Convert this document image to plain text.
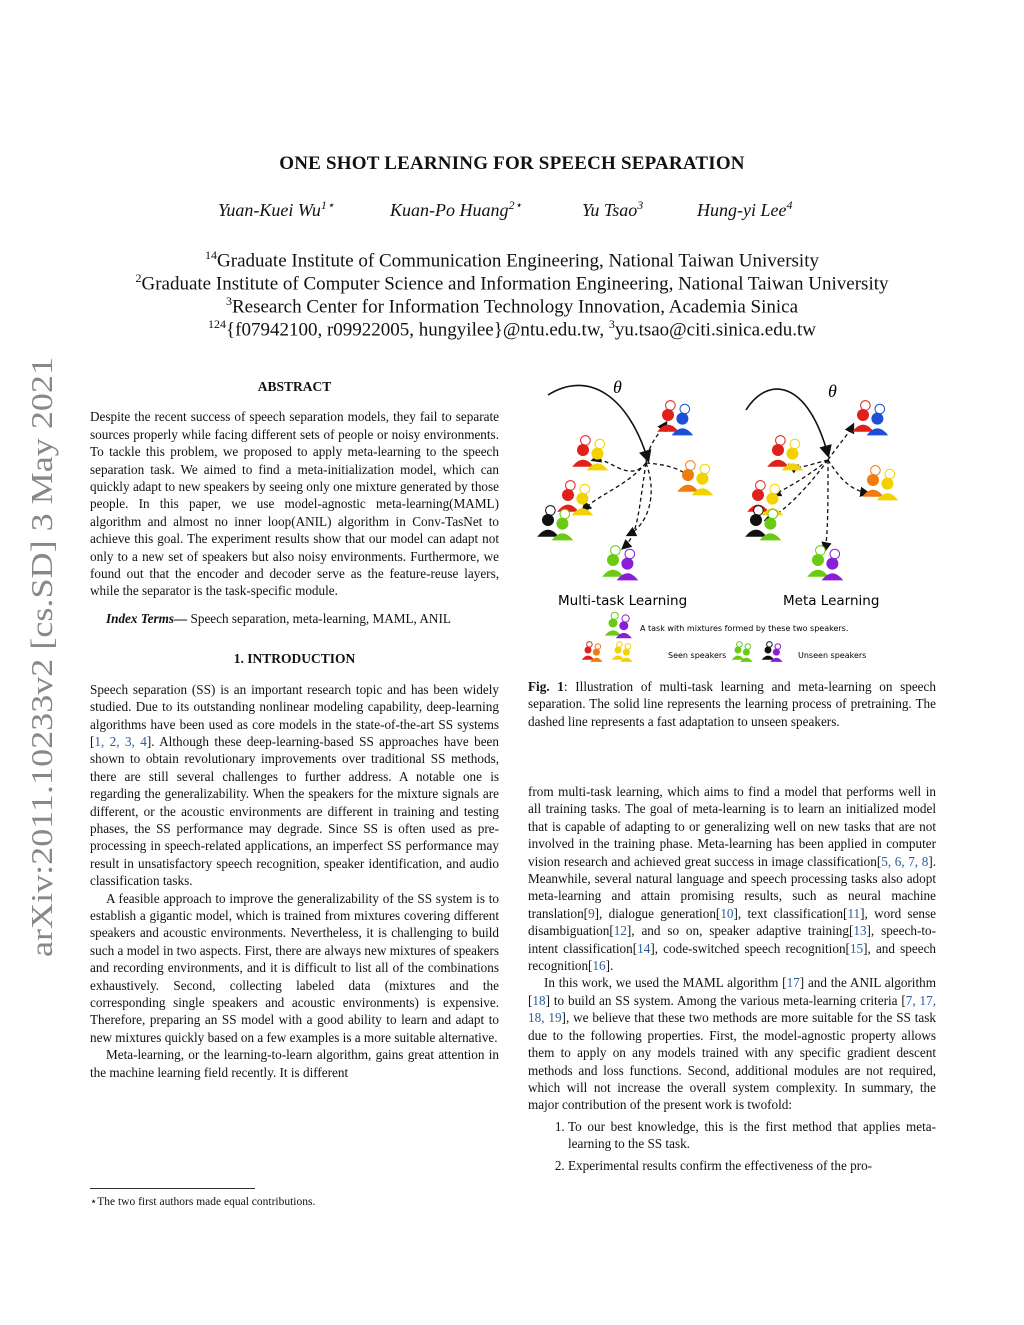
arXiv:2011.10233v2 [cs.SD] 3 May 2021
ONE SHOT LEARNING FOR SPEECH SEPARATION
Yuan-Kuei $Wu^{1⋆}$	Kuan-Po Huang$^{2⋆}$	Yu Tsao$^3$	Hung-yi Lee$^4$
$^{14}$Graduate Institute of Communication Engineering, National Taiwan University
$^2$Graduate Institute of Computer Science and Information Engineering, National Taiwan University
$^3$Research Center for Information Technology Innovation, Academia Sinica
$^{124}${f07942100, r09922005, hungyilee}@ntu.edu.tw, $^3$yu.tsao@citi.sinica.edu.tw

ABSTRACT

Despite the recent success of speech separation models, they fail to separate sources properly while facing different sets of people or noisy environments. To tackle this problem, we proposed to apply meta-learning to the speech separation task. We aimed to find a meta-initialization model, which can quickly adapt to new speakers by seeing only one mixture generated by those people. In this paper, we use model-agnostic meta-learning(MAML) algorithm and almost no inner loop(ANIL) algorithm in Conv-TasNet to achieve this goal. The experiment results show that our model can adapt not only to a new set of speakers but also noisy environments. Furthermore, we found out that the encoder and decoder serve as the feature-reuse layers, while the separator is the task-specific module.

Index Terms— Speech separation, meta-learning, MAML, ANIL

1. INTRODUCTION

Speech separation (SS) is an important research topic and has been widely studied. Due to its outstanding nonlinear modeling capability, deep-learning algorithms have been used as core models in the state-of-the-art SS systems [1, 2, 3, 4]. Although these deep-learning-based SS approaches have been shown to obtain revolutionary improvements over traditional SS methods, there are still several challenges to further address. A notable one is regarding the generalizability. When the speakers for the mixture signals are different, or the acoustic environments are different in training and testing phases, the SS performance may degrade. Since SS is often used as pre-processing in speech-related applications, an imperfect SS performance may result in unsatisfactory speech recognition, speaker identification, and audio classification tasks.

A feasible approach to improve the generalizability of the SS system is to establish a gigantic model, which is trained from mixtures covering different speakers and acoustic environments. Nevertheless, it is challenging to build such a model in two aspects. First, there are always new mixtures of speakers and recording environments, and it is difficult to list all of the combinations exhaustively. Second, collecting labeled data (mixtures and the corresponding single speakers and acoustic environments) is expensive. Therefore, preparing an SS model with a good ability to learn and adapt to new mixtures quickly based on a few examples is a more suitable alternative.

Meta-learning, or the learning-to-learn algorithm, gains great attention in the machine learning field recently. It is different

⋆The two first authors made equal contributions.
θ	θ
Multi-task Learning	Meta Learning
A task with mixtures formed by these two speakers.
Seen speakers	Unseen speakers
Fig. 1: Illustration of multi-task learning and meta-learning on speech separation. The solid line represents the learning process of pretraining. The dashed line represents a fast adaptation to unseen speakers.

from multi-task learning, which aims to find a model that performs well in all training tasks. The goal of meta-learning is to learn an initialized model that is capable of adapting to or generalizing well on new tasks that are not involved in the training phase. Meta-learning has been applied in computer vision research and achieved great success in image classification[5, 6, 7, 8]. Meanwhile, several natural language and speech processing tasks also adopt meta-learning and attain promising results, such as neural machine translation[9], dialogue generation[10], text classification[11], word sense disambiguation[12], and so on, speaker adaptive training[13], speech-to-intent classification[14], code-switched speech recognition[15], and speech recognition[16].

In this work, we used the MAML algorithm [17] and the ANIL algorithm [18] to build an SS system. Among the various meta-learning criteria [7, 17, 18, 19], we believe that these two methods are more suitable for the SS task due to the following properties. First, the model-agnostic property allows them to apply on any models trained with any specific gradient descent methods and loss functions. Second, additional modules are not required, which will not increase the overall system complexity. In summary, the major contribution of the present work is twofold:

1. To our best knowledge, this is the first method that applies meta-learning to the SS task.
2. Experimental results confirm the effectiveness of the pro-
